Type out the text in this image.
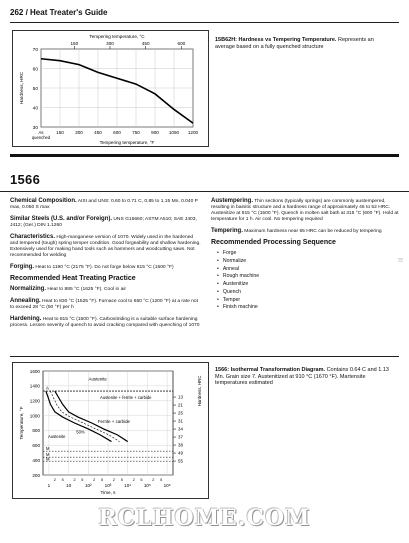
262 / Heat Treater's Guide
70
60
50
40
30
As
quenched
150 300 450 600 750 900 1050 1200
Tempering temperature, °F
Tempering temperature, °C
150	300	450	600
Hardness, HRC
15B62H: Hardness vs Tempering Temperature. Represents an average based on a fully quenched structure
1566

Chemical Composition. AISI and UNS: 0.60 to 0.71 C, 0.85 to 1.15 Mn, 0.040 P max, 0.050 S max

Similar Steels (U.S. and/or Foreign). UNS G15660; ASTM A510; SAE J403, J412; (Ger.) DIN 1.1260

Characteristics. High-manganese version of 1070. Widely used in the hardened and tempered (tough) spring temper condition. Good forgeability and shallow hardening. Extensively used for making hand tools such as hammers and woodcutting saws. Not recommended for welding

Forging. Heat to 1190 °C (2175 °F). Do not forge below 815 °C (1500 °F)

Recommended Heat Treating Practice

Normalizing. Heat to 885 °C (1625 °F). Cool in air

Annealing. Heat to 830 °C (1525 °F). Furnace cool to 650 °C (1200 °F) at a rate not to exceed 28 °C (50 °F) per h

Hardening. Heat to 815 °C (1500 °F). Carbonitriding is a suitable surface hardening process. Lessen severity of quench to avoid cracking compared with quenching of 1070

Austempering. Thin sections (typically springs) are commonly austempered, resulting in bainitic structure and a hardness range of approximately 46 to 52 HRC. Austenitize at 815 °C (1500 °F). Quench in molten salt bath at 315 °C (600 °F). Hold at temperature for 1 h. Air cool. No tempering required

Tempering. Maximum hardness near 65 HRC can be reduced by tempering

Recommended Processing Sequence
• Forge
• Normalize
• Anneal
• Rough machine
• Austenitize
• Quench
• Temper
• Finish machine
|||
1600
1400
1200
1000
800
600
400
200
1	10	10²	10³	10⁴	10⁵	10⁶
2 5	2 5	2 5	2 5	2 5	2 5
Time, s
Temperature, °F
Hardness, HRC
13
21
25
31
34
37
38
49
55
A
M
M
M
Austenite
Austenite + ferrite + carbide
Ferrite + carbide
Austenite
50%
1566: Isothermal Transformation Diagram. Contains 0.64 C and 1.13 Mn. Grain size 7. Austenitized at 910 °C (1670 °F). Martensite temperatures estimated
RCLHOME.COM
